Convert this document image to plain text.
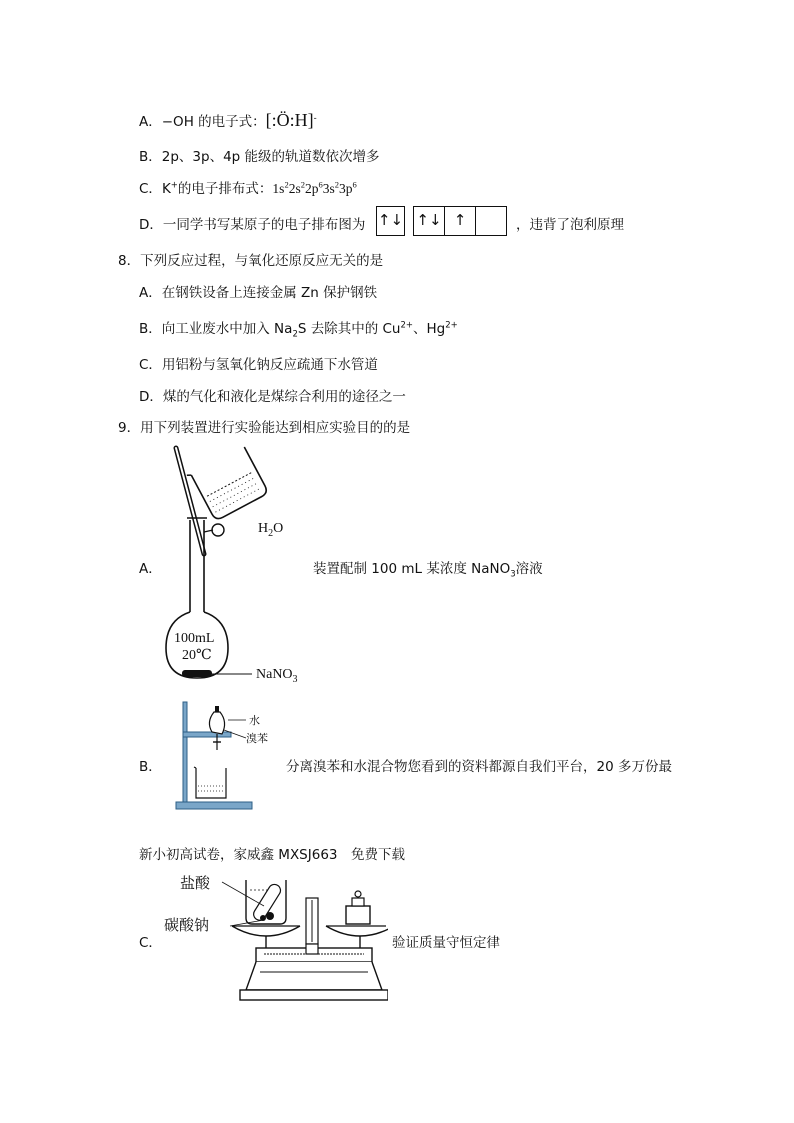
A．−OH 的电子式：[:Ö:H]-
B．2p、3p、4p 能级的轨道数依次增多
C．K+的电子排布式：$1s^22s^22p^63s^23p^6$
D．一同学书写某原子的电子排布图为 ↑↓ ↑↓ ↑	，违背了泡利原理
8．下列反应过程，与氧化还原反应无关的是
A．在钢铁设备上连接金属 Zn 保护钢铁
B．向工业废水中加入 $Na_2S$ 去除其中的 $Cu^{2+}$、$Hg^{2+}$
C．用铝粉与氢氧化钠反应疏通下水管道
D．煤的气化和液化是煤综合利用的途径之一
9．用下列装置进行实验能达到相应实验目的的是
A．
100mL
20℃
$H_2O$
NaNO$_3$
装置配制 100 mL 某浓度 NaNO$_3$溶液
B．
水
溴苯
分离溴苯和水混合物您看到的资料都源自我们平台，20 多万份最
新小初高试卷，家威鑫 MXSJ663　免费下载
C．
盐酸
碳酸钠
验证质量守恒定律
